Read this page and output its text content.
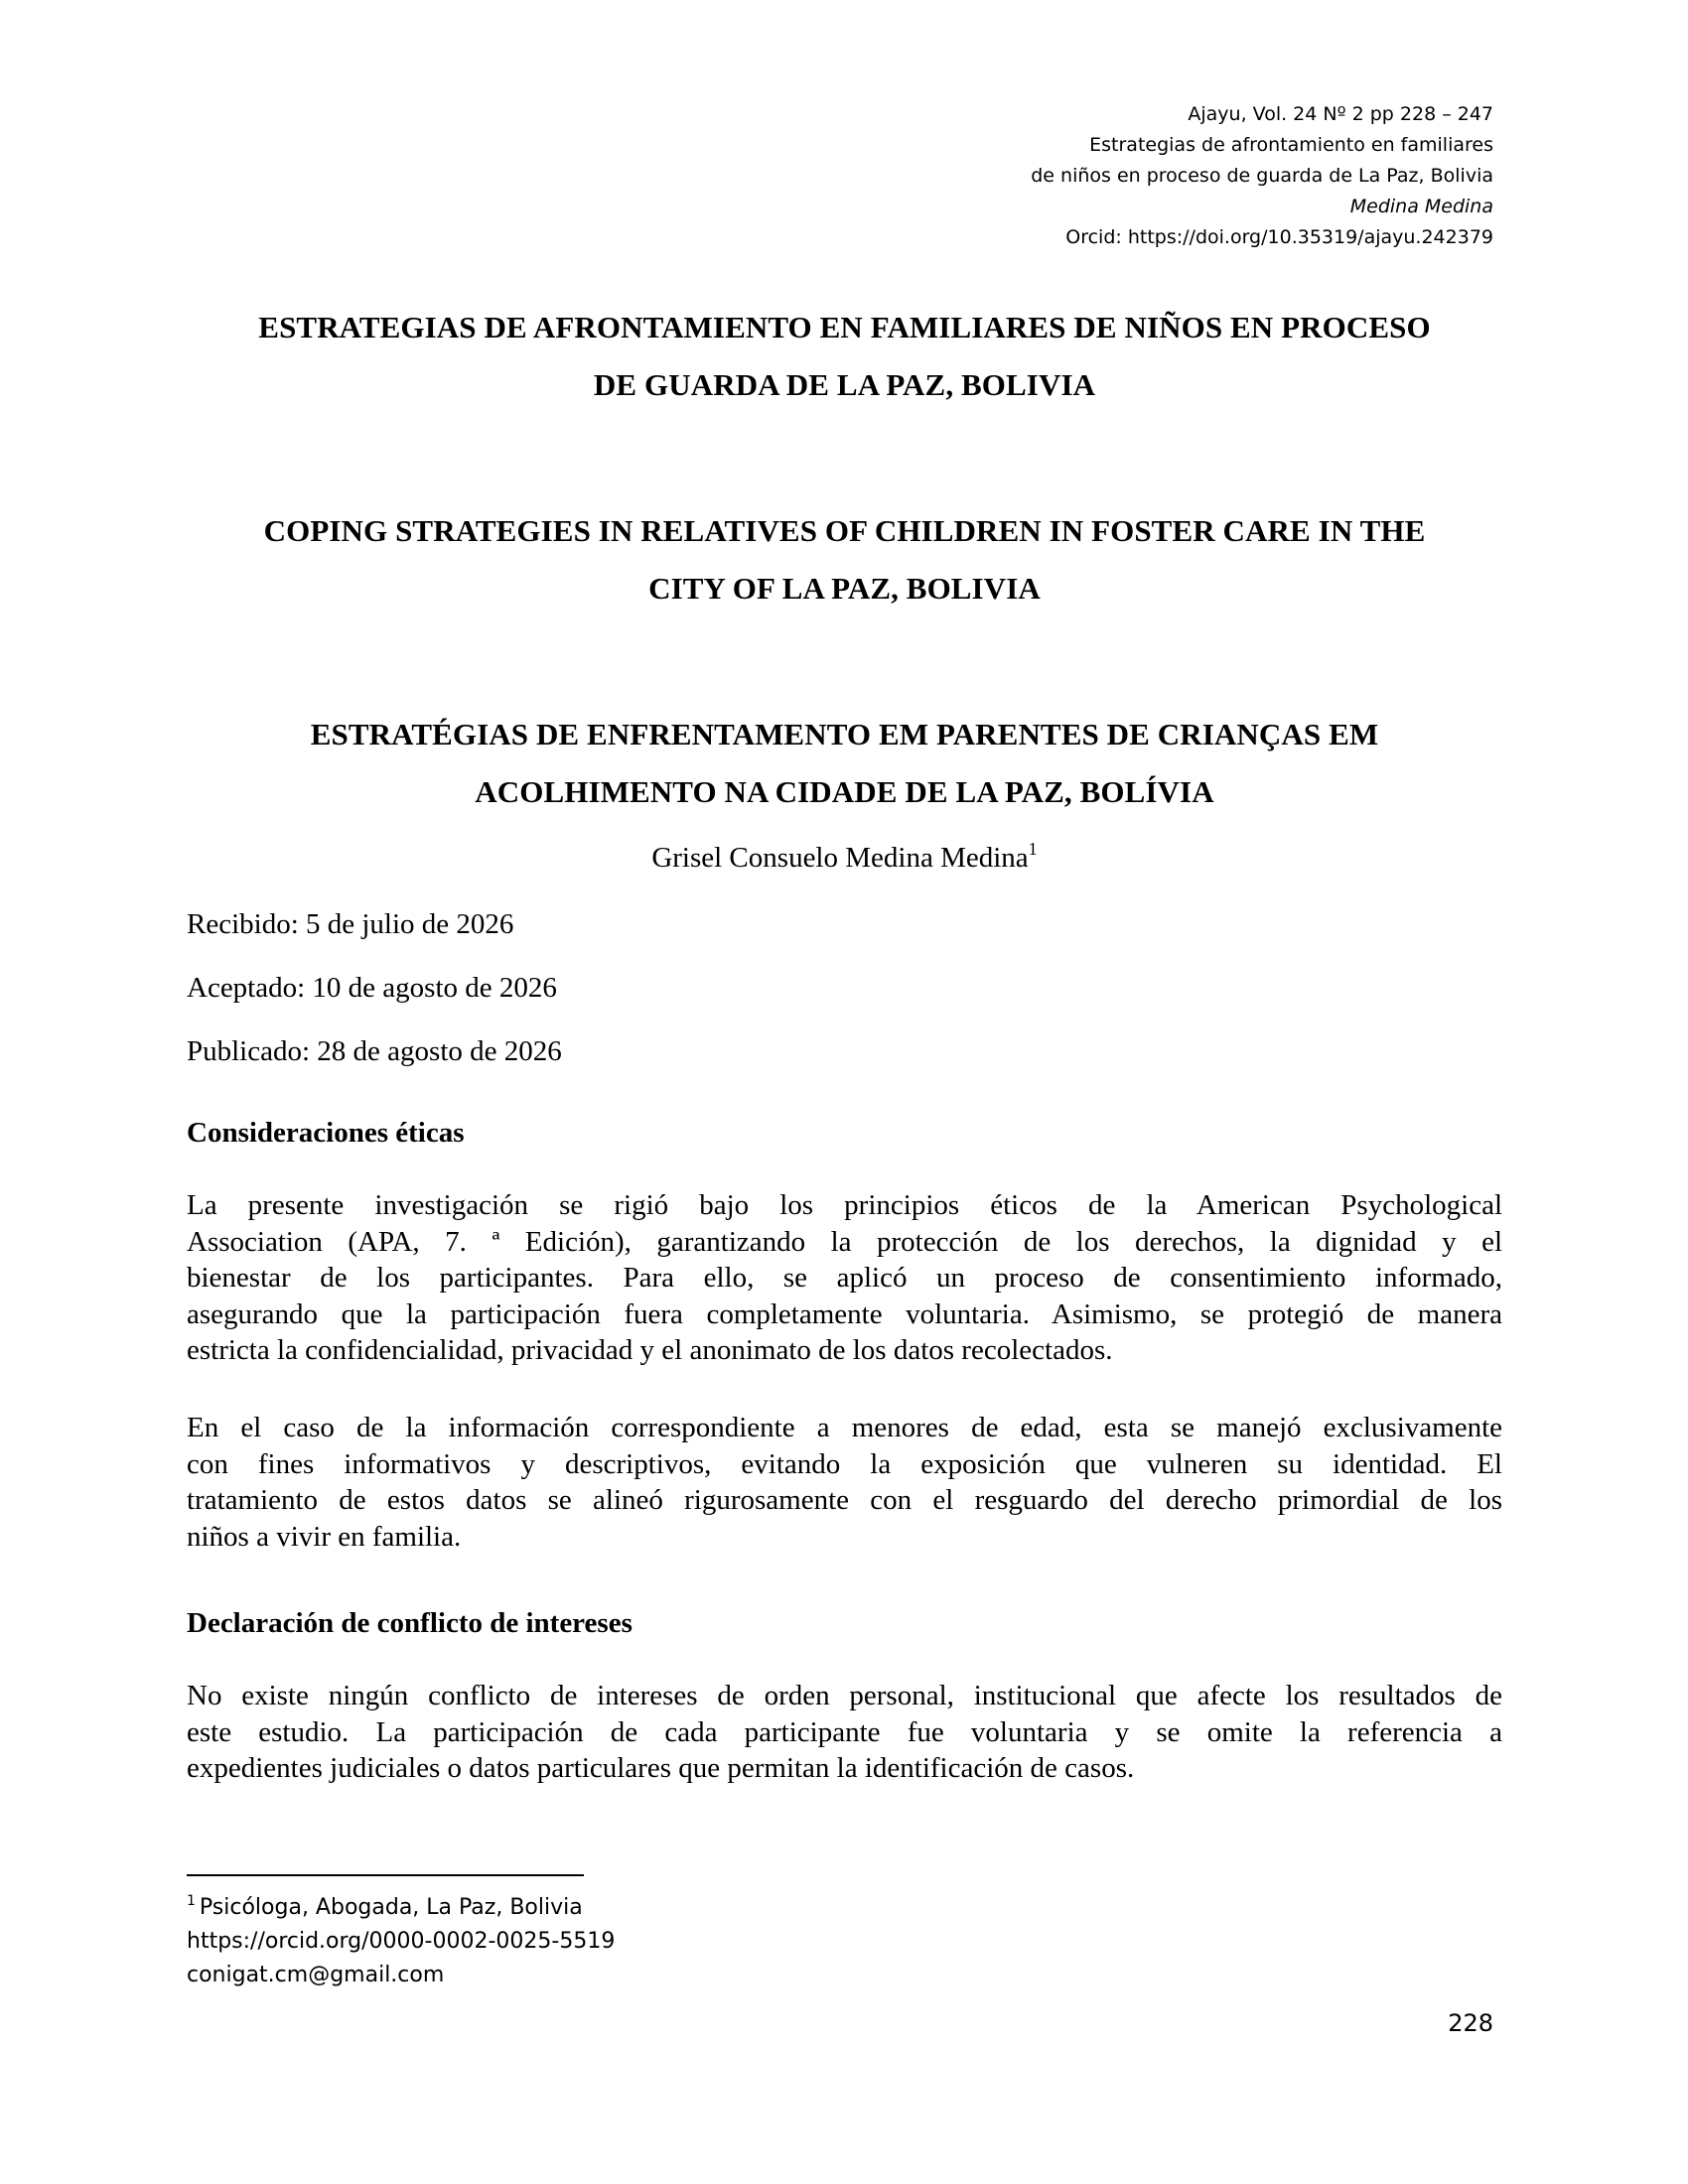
Ajayu, Vol. 24 Nº 2 pp 228 – 247
Estrategias de afrontamiento en familiares
de niños en proceso de guarda de La Paz, Bolivia
Medina Medina
Orcid: https://doi.org/10.35319/ajayu.242379
ESTRATEGIAS DE AFRONTAMIENTO EN FAMILIARES DE NIÑOS EN PROCESO
DE GUARDA DE LA PAZ, BOLIVIA
COPING STRATEGIES IN RELATIVES OF CHILDREN IN FOSTER CARE IN THE
CITY OF LA PAZ, BOLIVIA
ESTRATÉGIAS DE ENFRENTAMENTO EM PARENTES DE CRIANÇAS EM
ACOLHIMENTO NA CIDADE DE LA PAZ, BOLÍVIA
Grisel Consuelo Medina Medina$^1$
Recibido: 5 de julio de 2026
Aceptado: 10 de agosto de 2026
Publicado: 28 de agosto de 2026
Consideraciones éticas
La presente investigación se rigió bajo los principios éticos de la American Psychological
Association (APA, 7. ª Edición), garantizando la protección de los derechos, la dignidad y el
bienestar de los participantes. Para ello, se aplicó un proceso de consentimiento informado,
asegurando que la participación fuera completamente voluntaria. Asimismo, se protegió de manera
estricta la confidencialidad, privacidad y el anonimato de los datos recolectados.
En el caso de la información correspondiente a menores de edad, esta se manejó exclusivamente
con fines informativos y descriptivos, evitando la exposición que vulneren su identidad. El
tratamiento de estos datos se alineó rigurosamente con el resguardo del derecho primordial de los
niños a vivir en familia.
Declaración de conflicto de intereses
No existe ningún conflicto de intereses de orden personal, institucional que afecte los resultados de
este estudio. La participación de cada participante fue voluntaria y se omite la referencia a
expedientes judiciales o datos particulares que permitan la identificación de casos.
$^1$ Psicóloga, Abogada, La Paz, Bolivia
https://orcid.org/0000-0002-0025-5519
conigat.cm@gmail.com
228
